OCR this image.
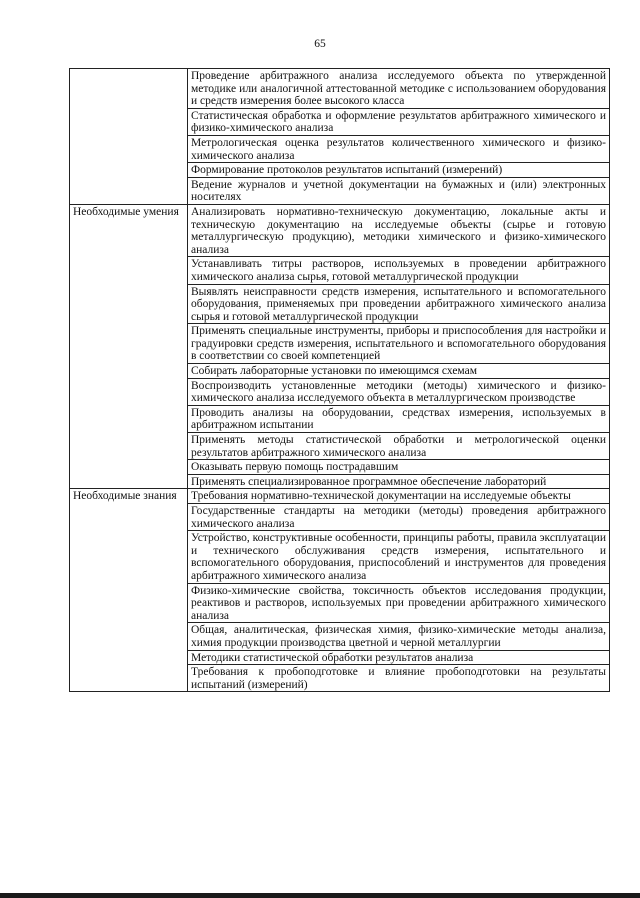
65
	Проведение арбитражного анализа исследуемого объекта по утвержденной методике или аналогичной аттестованной методике с использованием оборудования и средств измерения более высокого класса
	Статистическая обработка и оформление результатов арбитражного химического и физико-химического анализа
	Метрологическая оценка результатов количественного химического и физико-химического анализа
	Формирование протоколов результатов испытаний (измерений)
	Ведение журналов и учетной документации на бумажных и (или) электронных носителях
Необходимые умения	Анализировать нормативно-техническую документацию, локальные акты и техническую документацию на исследуемые объекты (сырье и готовую металлургическую продукцию), методики химического и физико-химического анализа
	Устанавливать титры растворов, используемых в проведении арбитражного химического анализа сырья, готовой металлургической продукции
	Выявлять неисправности средств измерения, испытательного и вспомогательного оборудования, применяемых при проведении арбитражного химического анализа сырья и готовой металлургической продукции
	Применять специальные инструменты, приборы и приспособления для настройки и градуировки средств измерения, испытательного и вспомогательного оборудования в соответствии со своей компетенцией
	Собирать лабораторные установки по имеющимся схемам
	Воспроизводить установленные методики (методы) химического и физико-химического анализа исследуемого объекта в металлургическом производстве
	Проводить анализы на оборудовании, средствах измерения, используемых в арбитражном испытании
	Применять методы статистической обработки и метрологической оценки результатов арбитражного химического анализа
	Оказывать первую помощь пострадавшим
	Применять специализированное программное обеспечение лабораторий
Необходимые знания	Требования нормативно-технической документации на исследуемые объекты
	Государственные стандарты на методики (методы) проведения арбитражного химического анализа
	Устройство, конструктивные особенности, принципы работы, правила эксплуатации и технического обслуживания средств измерения, испытательного и вспомогательного оборудования, приспособлений и инструментов для проведения арбитражного химического анализа
	Физико-химические свойства, токсичность объектов исследования продукции, реактивов и растворов, используемых при проведении арбитражного химического анализа
	Общая, аналитическая, физическая химия, физико-химические методы анализа, химия продукции производства цветной и черной металлургии
	Методики статистической обработки результатов анализа
	Требования к пробоподготовке и влияние пробоподготовки на результаты испытаний (измерений)
